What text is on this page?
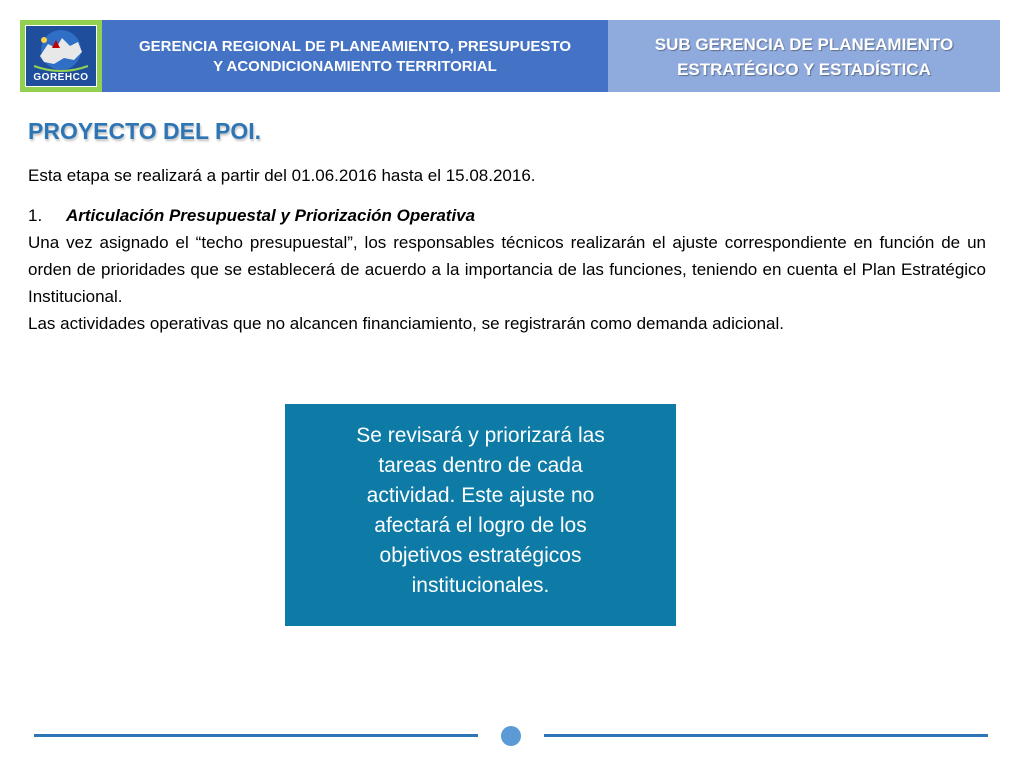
GOREHCO
GERENCIA REGIONAL DE PLANEAMIENTO, PRESUPUESTO
Y ACONDICIONAMIENTO TERRITORIAL
SUB GERENCIA DE PLANEAMIENTO
ESTRATÉGICO Y ESTADÍSTICA
PROYECTO DEL POI.

Esta etapa se realizará a partir del 01.06.2016 hasta el 15.08.2016.

1. Articulación Presupuestal y Priorización Operativa

Una vez asignado el “techo presupuestal”, los responsables técnicos realizarán el ajuste correspondiente en función de un orden de prioridades que se establecerá de acuerdo a la importancia de las funciones, teniendo en cuenta el Plan Estratégico Institucional.

Las actividades operativas que no alcancen financiamiento, se registrarán como demanda adicional.

Se revisará y priorizará las
tareas dentro de cada
actividad. Este ajuste no
afectará el logro de los
objetivos estratégicos
institucionales.
